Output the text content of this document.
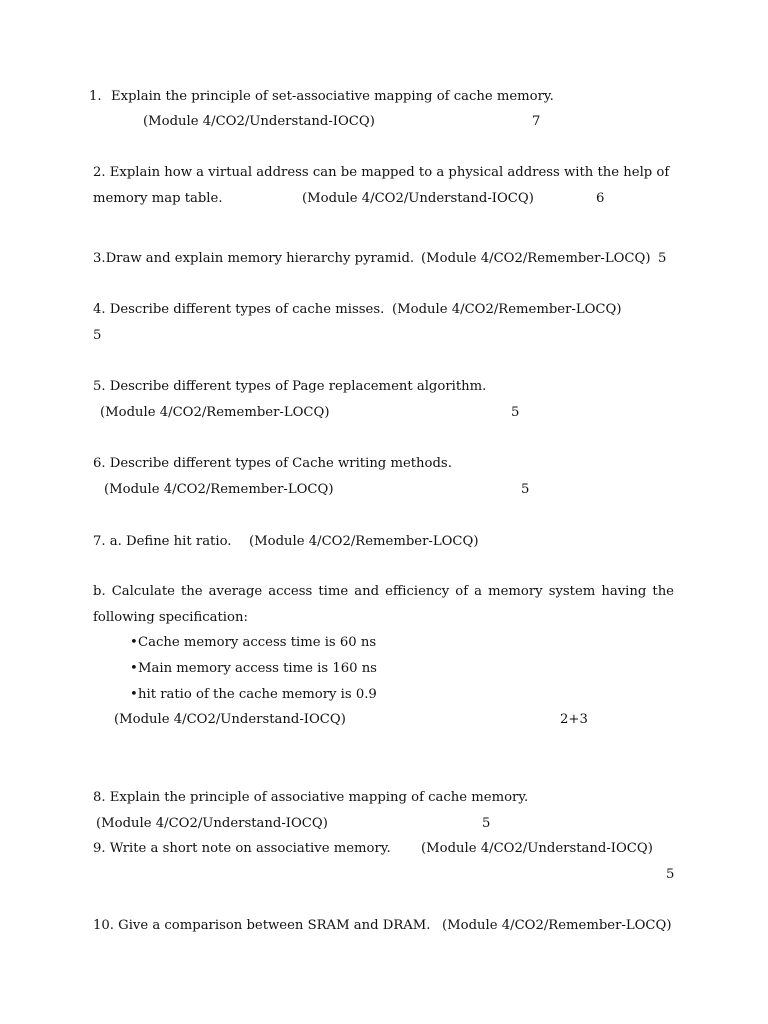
1. Explain the principle of set-associative mapping of cache memory.
(Module 4/CO2/Understand-IOCQ)	7
2. Explain how a virtual address can be mapped to a physical address with the help of
memory map table.	(Module 4/CO2/Understand-IOCQ)	6
3.Draw and explain memory hierarchy pyramid. (Module 4/CO2/Remember-LOCQ) 5
4. Describe different types of cache misses. (Module 4/CO2/Remember-LOCQ)
5
5. Describe different types of Page replacement algorithm.
(Module 4/CO2/Remember-LOCQ)	5
6. Describe different types of Cache writing methods.
(Module 4/CO2/Remember-LOCQ)	5
7. a. Define hit ratio. (Module 4/CO2/Remember-LOCQ)
b. Calculate the average access time and efficiency of a memory system having the
following specification:
•Cache memory access time is 60 ns
•Main memory access time is 160 ns
•hit ratio of the cache memory is 0.9
(Module 4/CO2/Understand-IOCQ)	2+3
8. Explain the principle of associative mapping of cache memory.
(Module 4/CO2/Understand-IOCQ)	5
9. Write a short note on associative memory. (Module 4/CO2/Understand-IOCQ)
5
10. Give a comparison between SRAM and DRAM. (Module 4/CO2/Remember-LOCQ)
